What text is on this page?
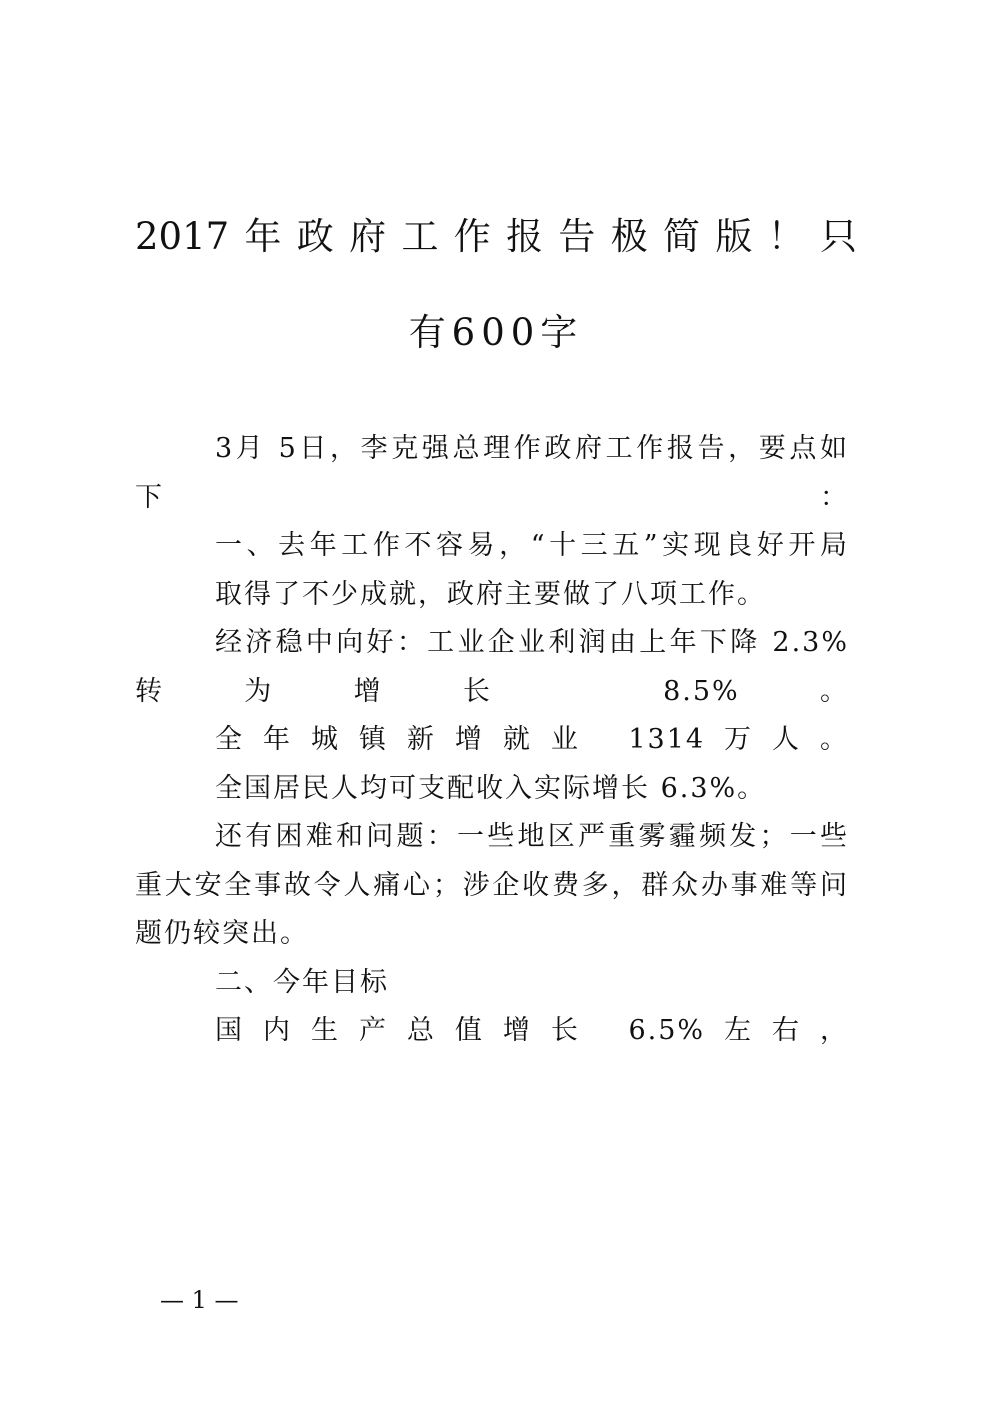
2017年政府工作报告极简版！只
有600字

3月 5日，李克强总理作政府工作报告，要点如下：

一、去年工作不容易，“十三五”实现良好开局

取得了不少成就，政府主要做了八项工作。

经济稳中向好：工业企业利润由上年下降 2.3%转为增长 8.5%。

全年城镇新增就业 1314万人。

全国居民人均可支配收入实际增长 6.3%。

还有困难和问题：一些地区严重雾霾频发；一些重大安全事故令人痛心；涉企收费多，群众办事难等问题仍较突出。

二、今年目标

国内生产总值增长 6.5%左右，

— 1 —
